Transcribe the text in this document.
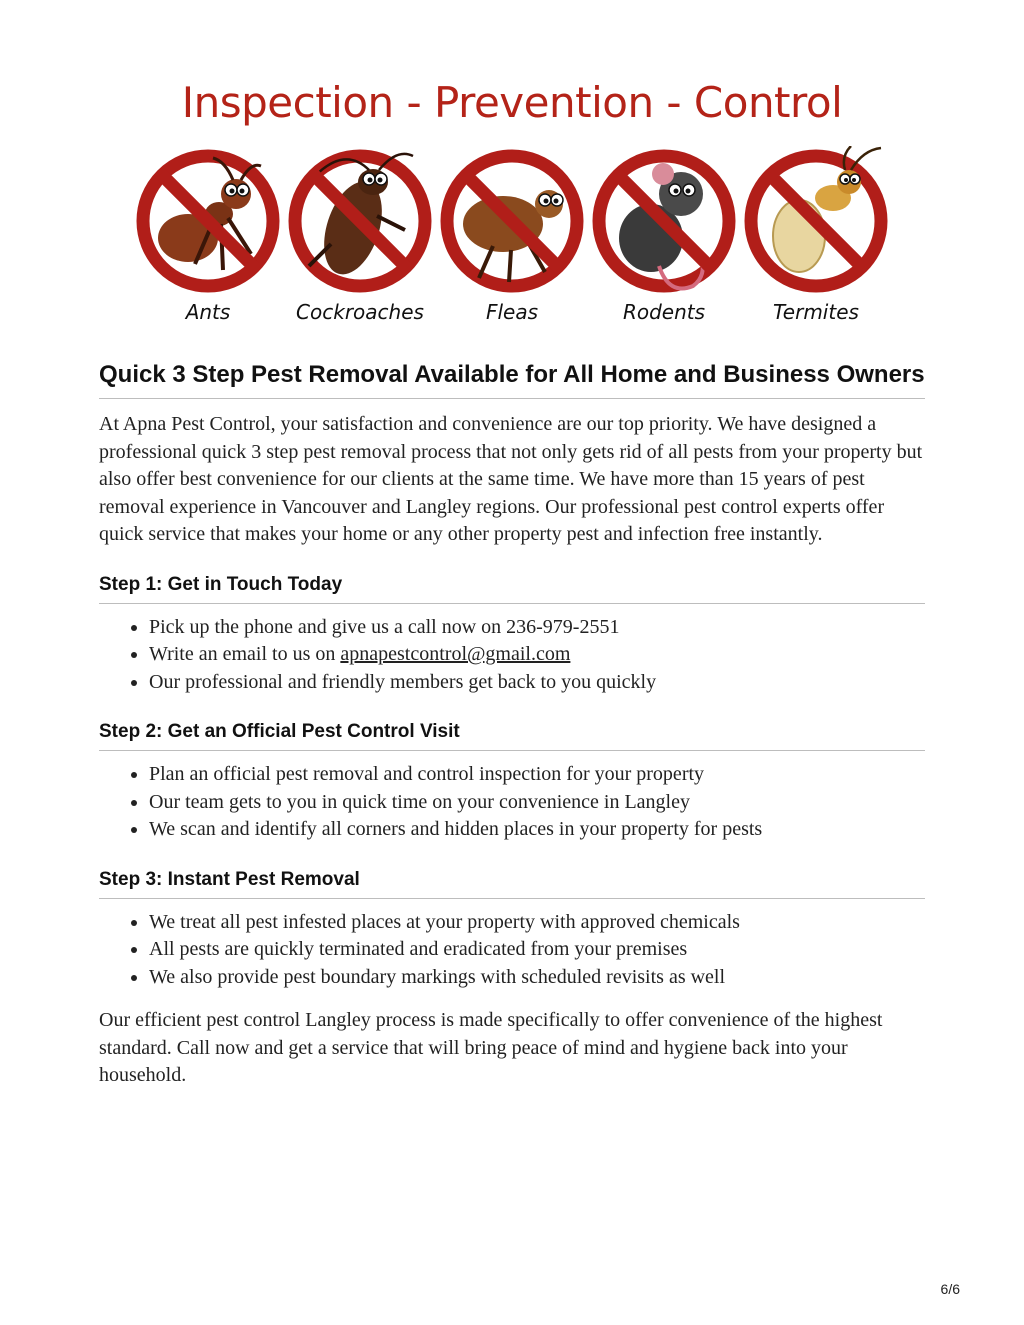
Inspection - Prevention - Control
Ants	Cockroaches	Fleas	Rodents	Termites
Quick 3 Step Pest Removal Available for All Home and Business Owners

At Apna Pest Control, your satisfaction and convenience are our top priority. We have designed a professional quick 3 step pest removal process that not only gets rid of all pests from your property but also offer best convenience for our clients at the same time. We have more than 15 years of pest removal experience in Vancouver and Langley regions. Our professional pest control experts offer quick service that makes your home or any other property pest and infection free instantly.

Step 1: Get in Touch Today
• Pick up the phone and give us a call now on 236-979-2551
• Write an email to us on apnapestcontrol@gmail.com
• Our professional and friendly members get back to you quickly
Step 2: Get an Official Pest Control Visit
• Plan an official pest removal and control inspection for your property
• Our team gets to you in quick time on your convenience in Langley
• We scan and identify all corners and hidden places in your property for pests
Step 3: Instant Pest Removal
• We treat all pest infested places at your property with approved chemicals
• All pests are quickly terminated and eradicated from your premises
• We also provide pest boundary markings with scheduled revisits as well

Our efficient pest control Langley process is made specifically to offer convenience of the highest standard. Call now and get a service that will bring peace of mind and hygiene back into your household.

6/6
